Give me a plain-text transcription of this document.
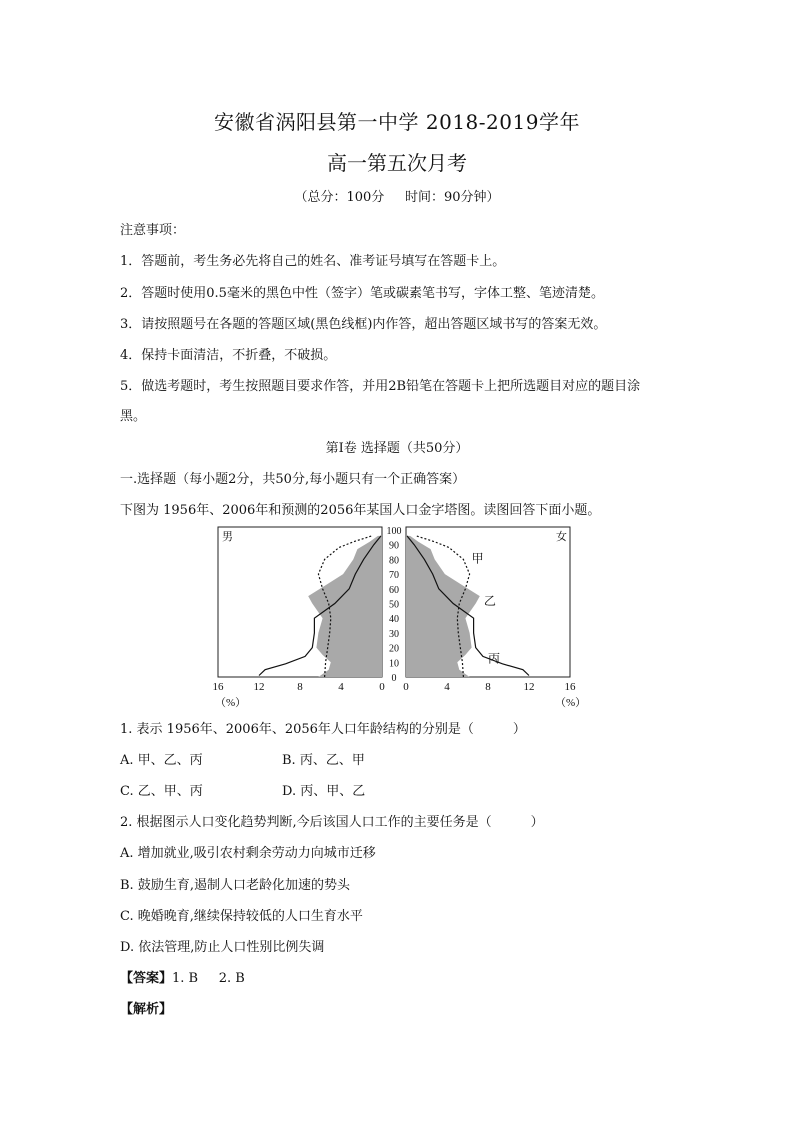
安徽省涡阳县第一中学 2018-2019学年
高一第五次月考
（总分：100分     时间：90分钟）
注意事项：
1．答题前，考生务必先将自己的姓名、准考证号填写在答题卡上。
2．答题时使用0.5毫米的黑色中性（签字）笔或碳素笔书写，字体工整、笔迹清楚。
3．请按照题号在各题的答题区域(黑色线框)内作答，超出答题区域书写的答案无效。
4．保持卡面清洁，不折叠，不破损。
5．做选考题时，考生按照题目要求作答，并用2B铅笔在答题卡上把所选题目对应的题目涂
黑。
第Ⅰ卷 选择题（共50分）
一.选择题（每小题2分，共50分,每小题只有一个正确答案）
下图为 1956年、2006年和预测的2056年某国人口金字塔图。读图回答下面小题。
男	女
100
90
80
70
60
50
40
30
20
10
0
16	12	8	4	0 0	4	8	12	16
甲
乙
丙
（%）	（%）
1. 表示 1956年、2006年、2056年人口年龄结构的分别是（　　　）
A. 甲、乙、丙	B. 丙、乙、甲
C. 乙、甲、丙	D. 丙、甲、乙
2. 根据图示人口变化趋势判断,今后该国人口工作的主要任务是（　　　）
A. 增加就业,吸引农村剩余劳动力向城市迁移
B. 鼓励生育,遏制人口老龄化加速的势头
C. 晚婚晚育,继续保持较低的人口生育水平
D. 依法管理,防止人口性别比例失调
【答案】1. B     2. B
【解析】
